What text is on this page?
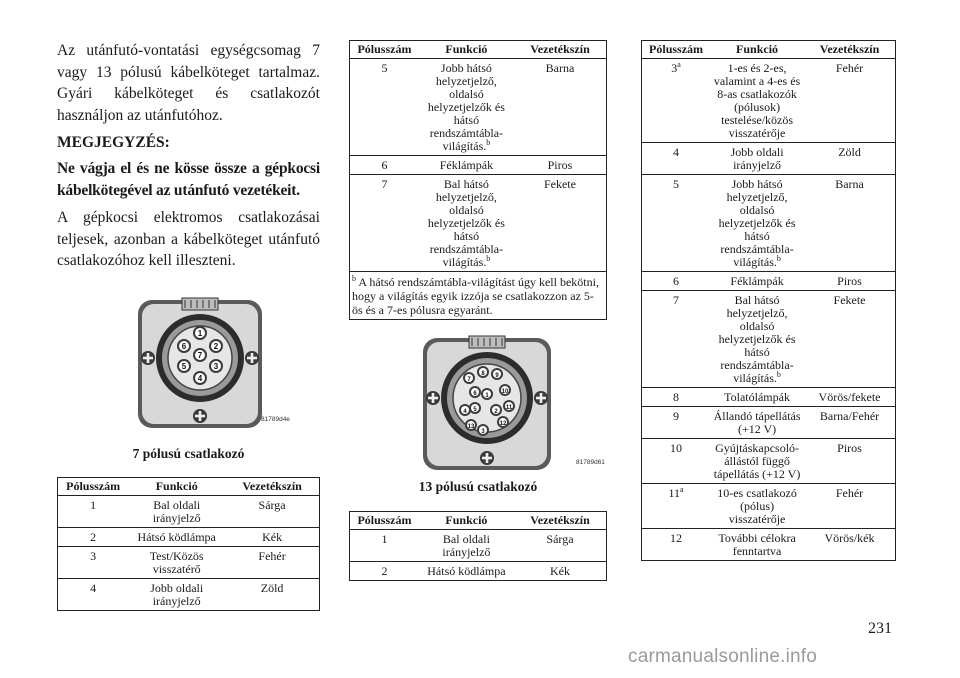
Az utánfutó-vontatási egységcsomag 7 vagy 13 pólusú kábelköteget tartalmaz. Gyári kábelköteget és csatlakozót használjon az utánfutóhoz.

MEGJEGYZÉS:

Ne vágja el és ne kösse össze a gépkocsi kábelkötegével az utánfutó vezetékeit.

A gépkocsi elektromos csatlakozásai teljesek, azonban a kábelköteget utánfutó csatlakozóhoz kell illeszteni.

1
2
3
4
5
6
7
81789d4e

7 pólusú csatlakozó

Pólusszám	Funkció	Vezetékszín
1	Bal oldali irányjelző	Sárga
2	Hátsó ködlámpa	Kék
3	Test/Közös visszatérő	Fehér
4	Jobb oldali irányjelző	Zöld
Pólusszám	Funkció	Vezetékszín
5	Jobb hátsó helyzetjelző, oldalsó helyzetjelzők és hátsó rendszámtábla-világítás.$^b$	Barna
6	Féklámpák	Piros
7	Bal hátsó helyzetjelző, oldalsó helyzetjelzők és hátsó rendszámtábla-világítás.$^b$	Fekete
$^b$ A hátsó rendszámtábla-világítást úgy kell bekötni, hogy a világítás egyik izzója se csatlakozzon az 5-ös és a 7-es pólusra egyaránt.		
1
2
3
4 5
6
7
8 9
10
11
12
13
81789d61

13 pólusú csatlakozó

Pólusszám	Funkció	Vezetékszín
1	Bal oldali irányjelző	Sárga
2	Hátsó ködlámpa	Kék
Pólusszám	Funkció	Vezetékszín
3$^a$	1-es és 2-es, valamint a 4-es és 8-as csatlakozók (pólusok) testelése/közös visszatérője	Fehér
4	Jobb oldali irányjelző	Zöld
5	Jobb hátsó helyzetjelző, oldalsó helyzetjelzők és hátsó rendszámtábla-világítás.$^b$	Barna
6	Féklámpák	Piros
7	Bal hátsó helyzetjelző, oldalsó helyzetjelzők és hátsó rendszámtábla-világítás.$^b$	Fekete
8	Tolatólámpák	Vörös/fekete
9	Állandó tápellátás (+12 V)	Barna/Fehér
10	Gyújtáskapcsoló-állástól függő tápellátás (+12 V)	Piros
11$^a$	10-es csatlakozó (pólus) visszatérője	Fehér
12	További célokra fenntartva	Vörös/kék
231
carmanualsonline.info
